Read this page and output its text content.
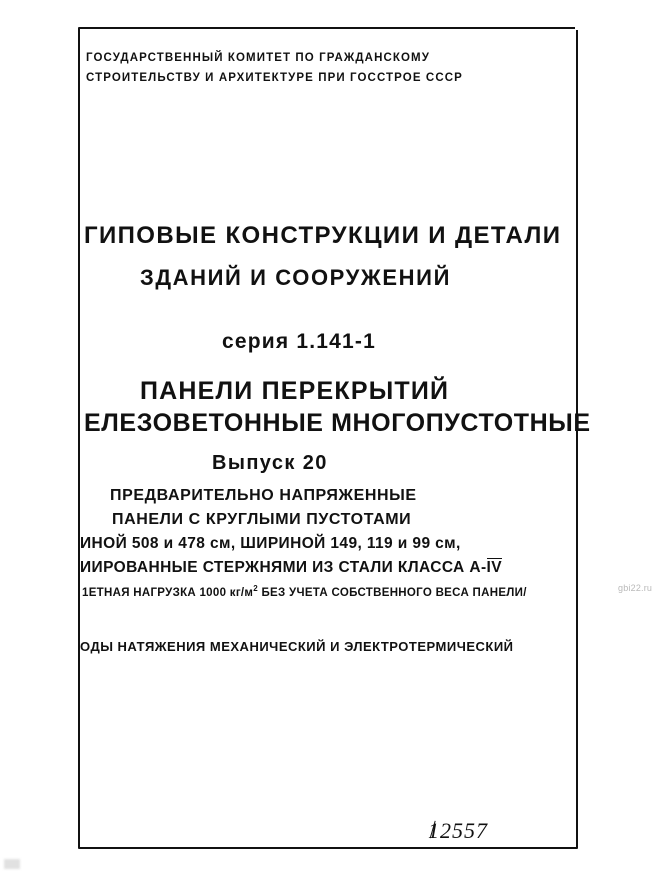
ГОСУДАРСТВЕННЫЙ КОМИТЕТ ПО ГРАЖДАНСКОМУ
СТРОИТЕЛЬСТВУ И АРХИТЕКТУРЕ ПРИ ГОССТРОЕ СССР
ГИПОВЫЕ КОНСТРУКЦИИ И ДЕТАЛИ
ЗДАНИЙ И СООРУЖЕНИЙ
серия 1.141-1
ПАНЕЛИ ПЕРЕКРЫТИЙ
ЕЛЕЗОВЕТОННЫЕ МНОГОПУСТОТНЫЕ
Выпуск 20
ПРЕДВАРИТЕЛЬНО НАПРЯЖЕННЫЕ
ПАНЕЛИ С КРУГЛЫМИ ПУСТОТАМИ
ИНОЙ 508 и 478 см, ШИРИНОЙ 149, 119 и 99 см,
ИИРОВАННЫЕ СТЕРЖНЯМИ ИЗ СТАЛИ КЛАССА А-IV
1ЕТНАЯ НАГРУЗКА 1000 $кг/м^2$ БЕЗ УЧЕТА СОБСТВЕННОГО ВЕСА ПАНЕЛИ/
ОДЫ НАТЯЖЕНИЯ МЕХАНИЧЕСКИЙ И ЭЛЕКТРОТЕРМИЧЕСКИЙ
12557
gbi22.ru
